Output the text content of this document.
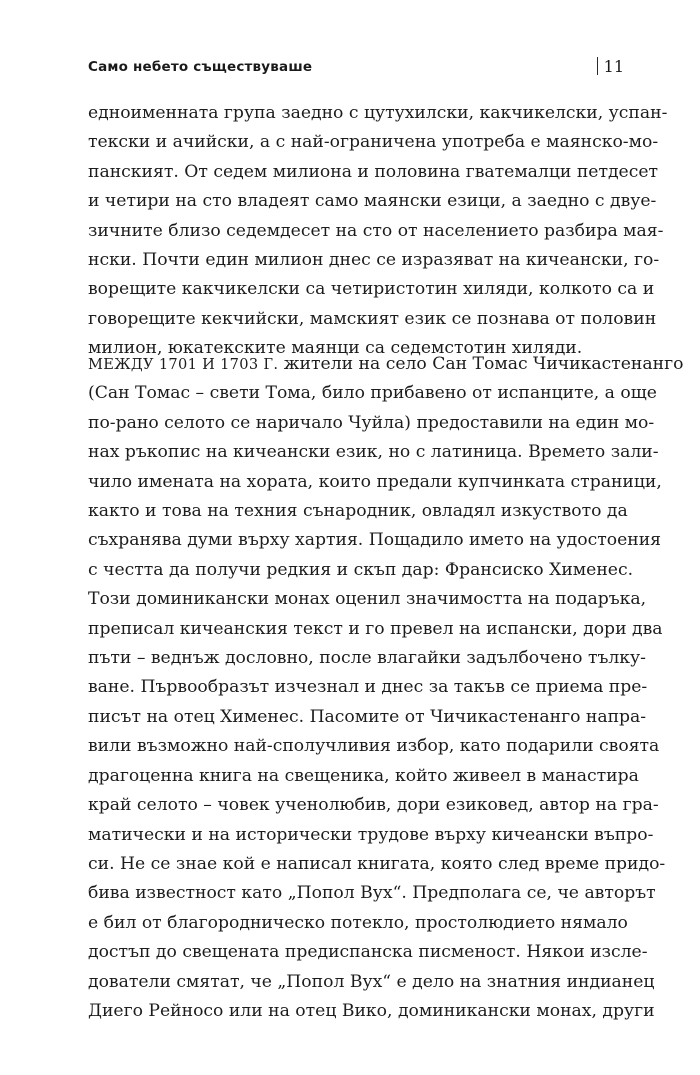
Само небето съществуваше	11
едноименната група заедно с цутухилски, какчикелски, успан-
текски и ачийски, а с най-ограничена употреба е маянско-мо-
панският. От седем милиона и половина гватемалци петдесет
и четири на сто владеят само маянски езици, а заедно с двуе-
зичните близо седемдесет на сто от населението разбира мая-
нски. Почти един милион днес се изразяват на кичеански, го-
ворещите какчикелски са четиристотин хиляди, колкото са и
говорещите кекчийски, мамският език се познава от половин
милион, юкатекските маянци са седемстотин хиляди.
МЕЖДУ 1701 И 1703 Г. жители на село Сан Томас Чичикастенанго
(Сан Томас – свети Тома, било прибавено от испанците, а още
по-рано селото се наричало Чуйла) предоставили на един мо-
нах ръкопис на кичеански език, но с латиница. Времето зали-
чило имената на хората, които предали купчинката страници,
както и това на техния сънародник, овладял изкуството да
съхранява думи върху хартия. Пощадило името на удостоения
с честта да получи редкия и скъп дар: Франсиско Хименес.
Този доминикански монах оценил значимостта на подаръка,
преписал кичеанския текст и го превел на испански, дори два
пъти – веднъж дословно, после влагайки задълбочено тълку-
ване. Първообразът изчезнал и днес за такъв се приема пре-
писът на отец Хименес. Пасомите от Чичикастенанго напра-
вили възможно най-сполучливия избор, като подарили своята
драгоценна книга на свещеника, който живеел в манастира
край селото – човек ученолюбив, дори езиковед, автор на гра-
матически и на исторически трудове върху кичеански въпро-
си. Не се знае кой е написал книгата, която след време придо-
бива известност като „Попол Вух“. Предполага се, че авторът
е бил от благородническо потекло, простолюдието нямало
достъп до свещената предиспанска писменост. Някои изсле-
дователи смятат, че „Попол Вух“ е дело на знатния индианец
Диего Рейносо или на отец Вико, доминикански монах, други
